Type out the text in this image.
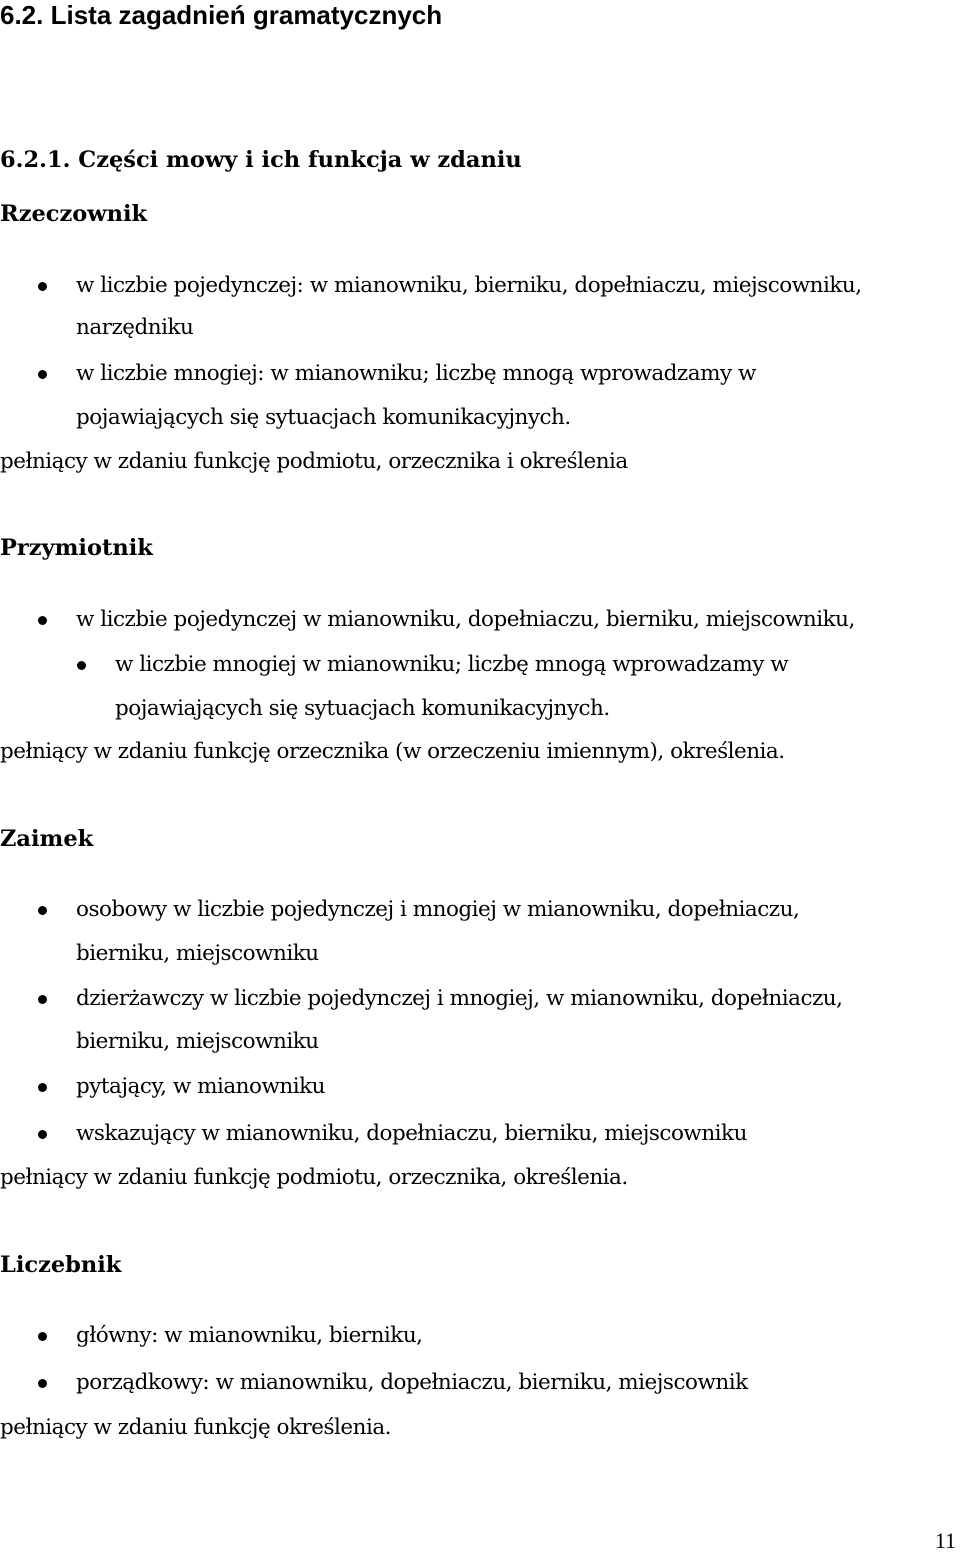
6.2. Lista zagadnień gramatycznych
6.2.1. Części mowy i ich funkcja w zdaniu
Rzeczownik
w liczbie pojedynczej: w mianowniku, bierniku, dopełniaczu, miejscowniku,
narzędniku
w liczbie mnogiej: w mianowniku; liczbę mnogą wprowadzamy w
pojawiających się sytuacjach komunikacyjnych.
pełniący w zdaniu funkcję podmiotu, orzecznika i określenia
Przymiotnik
w liczbie pojedynczej w mianowniku, dopełniaczu, bierniku, miejscowniku,
w liczbie mnogiej w mianowniku; liczbę mnogą wprowadzamy w
pojawiających się sytuacjach komunikacyjnych.
pełniący w zdaniu funkcję orzecznika (w orzeczeniu imiennym), określenia.
Zaimek
osobowy w liczbie pojedynczej i mnogiej w mianowniku, dopełniaczu,
bierniku, miejscowniku
dzierżawczy w liczbie pojedynczej i mnogiej, w mianowniku, dopełniaczu,
bierniku, miejscowniku
pytający, w mianowniku
wskazujący w mianowniku, dopełniaczu, bierniku, miejscowniku
pełniący w zdaniu funkcję podmiotu, orzecznika, określenia.
Liczebnik
główny: w mianowniku, bierniku,
porządkowy: w mianowniku, dopełniaczu, bierniku, miejscownik
pełniący w zdaniu funkcję określenia.
11
